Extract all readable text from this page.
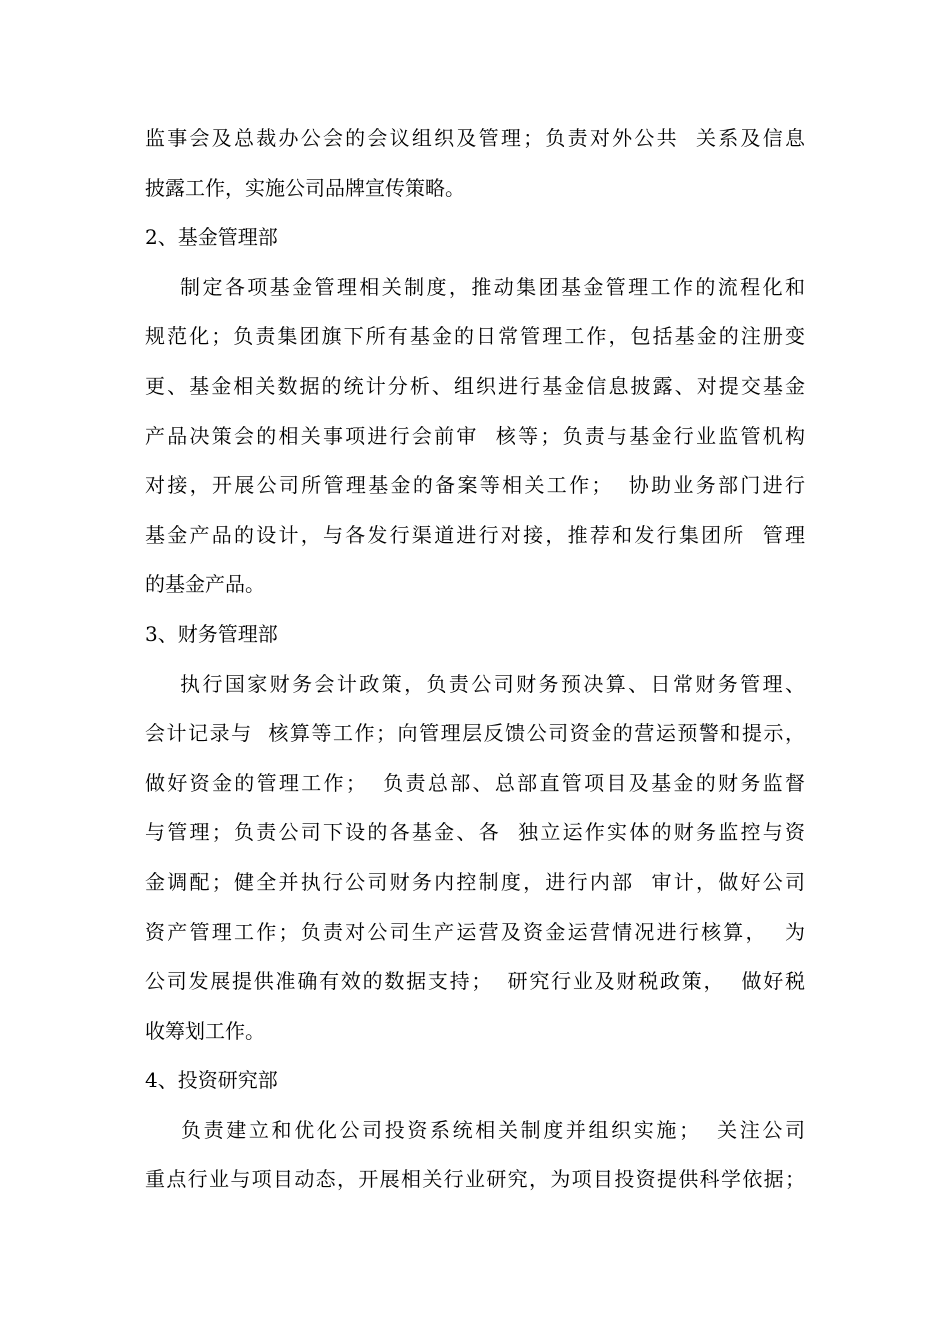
监事会及总裁办公会的会议组织及管理；负责对外公共  关系及信息
披露工作，实施公司品牌宣传策略。
2、基金管理部
制定各项基金管理相关制度，推动集团基金管理工作的流程化和
规范化；负责集团旗下所有基金的日常管理工作，包括基金的注册变
更、基金相关数据的统计分析、组织进行基金信息披露、对提交基金
产品决策会的相关事项进行会前审  核等；负责与基金行业监管机构
对接，开展公司所管理基金的备案等相关工作；  协助业务部门进行
基金产品的设计，与各发行渠道进行对接，推荐和发行集团所  管理
的基金产品。
3、财务管理部
执行国家财务会计政策，负责公司财务预决算、日常财务管理、
会计记录与  核算等工作；向管理层反馈公司资金的营运预警和提示，
做好资金的管理工作；  负责总部、总部直管项目及基金的财务监督
与管理；负责公司下设的各基金、各  独立运作实体的财务监控与资
金调配；健全并执行公司财务内控制度，进行内部  审计，做好公司
资产管理工作；负责对公司生产运营及资金运营情况进行核算，  为
公司发展提供准确有效的数据支持；  研究行业及财税政策，  做好税
收筹划工作。
4、投资研究部
负责建立和优化公司投资系统相关制度并组织实施；  关注公司
重点行业与项目动态，开展相关行业研究，为项目投资提供科学依据；
